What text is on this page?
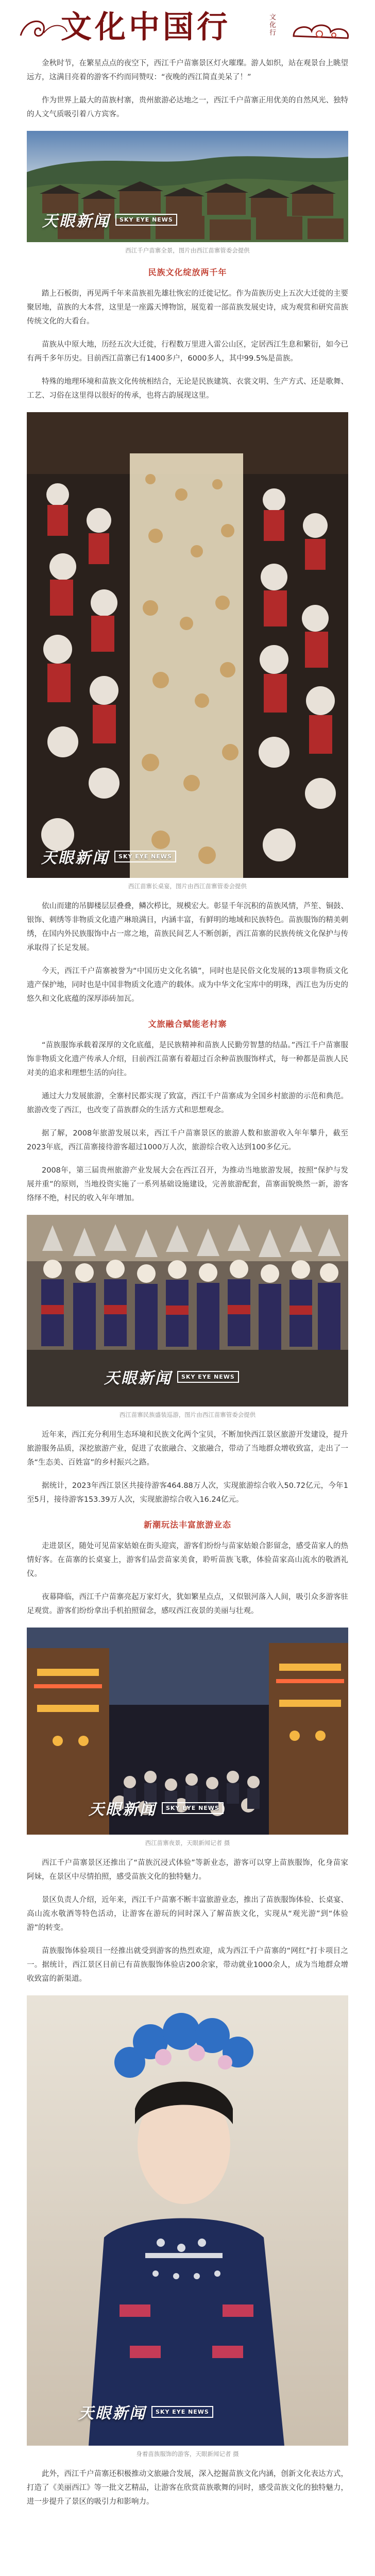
文化中国行	文化行

金秋时节，在繁星点点的夜空下，西江千户苗寨景区灯火璀璨。游人如织，站在观景台上眺望远方，这满目亮着的游客不约而同赞叹：“夜晚的西江简直美呆了！”

作为世界上最大的苗族村寨，贵州旅游必达地之一，西江千户苗寨正用优美的自然风光、独特的人文气质吸引着八方宾客。

天眼新闻	SKY EYE NEWS
西江千户苗寨全景，图片由西江苗寨管委会提供
民族文化绽放两千年

踏上石板街，再见两千年来苗族祖先雄壮恢宏的迁徙记忆。作为苗族历史上五次大迁徙的主要聚居地，苗族的大本营，这里是一座露天博物馆，展览着一部苗族发展史诗，成为观赏和研究苗族传统文化的大看台。

苗族从中原大地，历经五次大迁徙，行程数万里进入雷公山区，定居西江生息和繁衍，如今已有两千多年历史。目前西江苗寨已有1400多户，6000多人，其中99.5%是苗族。

特殊的地理环境和苗族文化传统相结合，无论是民族建筑、衣裳文明、生产方式、还是歌舞、工艺、习俗在这里得以很好的传承，也将古韵展现这里。

天眼新闻	SKY EYE NEWS
西江苗寨长桌宴，图片由西江苗寨管委会提供

依山而建的吊脚楼层层叠叠，鳞次栉比，规模宏大。彰显千年沉积的苗族风情，芦笙、铜鼓、银饰、刺绣等非物质文化遗产琳琅满目，内涵丰富，有鲜明的地域和民族特色。苗族服饰的精美刺绣，在国内外民族服饰中占一席之地，苗族民间艺人不断创新，西江苗寨的民族传统文化保护与传承取得了长足发展。

今天，西江千户苗寨被誉为“中国历史文化名镇”，同时也是民俗文化发展的13项非物质文化遗产保护地，同时也是中国非物质文化遗产的载体。成为中华文化宝库中的明珠，西江也为历史的悠久和文化底蕴的深厚添砖加瓦。

文旅融合赋能老村寨

“苗族服饰承载着深厚的文化底蕴，是民族精神和苗族人民勤劳智慧的结晶。”西江千户苗寨服饰非物质文化遗产传承人介绍，目前西江苗寨有着超过百余种苗族服饰样式，每一种都是苗族人民对美的追求和理想生活的向往。

通过大力发展旅游，全寨村民都实现了致富，西江千户苗寨成为全国乡村旅游的示范和典范。旅游改变了西江，也改变了苗族群众的生活方式和思想观念。

据了解，2008年旅游发展以来，西江千户苗寨景区的旅游人数和旅游收入年年攀升，截至2023年底，西江苗寨接待游客超过1000万人次，旅游综合收入达到100多亿元。

2008年，第三届贵州旅游产业发展大会在西江召开，为推动当地旅游发展，按照“保护与发展并重”的原则，当地投资实施了一系列基础设施建设，完善旅游配套，苗寨面貌焕然一新，游客络绎不绝，村民的收入年年增加。

天眼新闻	SKY EYE NEWS
西江苗寨民族盛装巡游，图片由西江苗寨管委会提供

近年来，西江充分利用生态环境和民族文化两个宝贝，不断加快西江景区旅游开发建设，提升旅游服务品质，深挖旅游产业，促进了农旅融合、文旅融合，带动了当地群众增收致富，走出了一条“生态美、百姓富”的乡村振兴之路。

据统计，2023年西江景区共接待游客464.88万人次，实现旅游综合收入50.72亿元，今年1至5月，接待游客153.39万人次，实现旅游综合收入16.24亿元。

新潮玩法丰富旅游业态

走进景区，随处可见苗家姑娘在街头迎宾，游客们纷纷与苗家姑娘合影留念，感受苗家人的热情好客。在苗寨的长桌宴上，游客们品尝苗家美食，聆听苗族飞歌，体验苗家高山流水的敬酒礼仪。

夜幕降临，西江千户苗寨亮起万家灯火，犹如繁星点点，又似银河落入人间，吸引众多游客驻足观赏。游客们纷纷拿出手机拍照留念，感叹西江夜景的美丽与壮观。

天眼新闻	SKY EYE NEWS
西江苗寨夜景，天眼新闻记者 摄

西江千户苗寨景区还推出了“苗族沉浸式体验”等新业态，游客可以穿上苗族服饰，化身苗家阿妹，在景区中尽情拍照，感受苗族文化的独特魅力。

景区负责人介绍，近年来，西江千户苗寨不断丰富旅游业态，推出了苗族服饰体验、长桌宴、高山流水敬酒等特色活动，让游客在游玩的同时深入了解苗族文化，实现从“观光游”到“体验游”的转变。

苗族服饰体验项目一经推出就受到游客的热烈欢迎，成为西江千户苗寨的“网红”打卡项目之一。据统计，西江景区目前已有苗族服饰体验店200余家，带动就业1000余人，成为当地群众增收致富的新渠道。

天眼新闻	SKY EYE NEWS
身着苗族服饰的游客，天眼新闻记者 摄

此外，西江千户苗寨还积极推动文旅融合发展，深入挖掘苗族文化内涵，创新文化表达方式，打造了《美丽西江》等一批文艺精品，让游客在欣赏苗族歌舞的同时，感受苗族文化的独特魅力，进一步提升了景区的吸引力和影响力。
